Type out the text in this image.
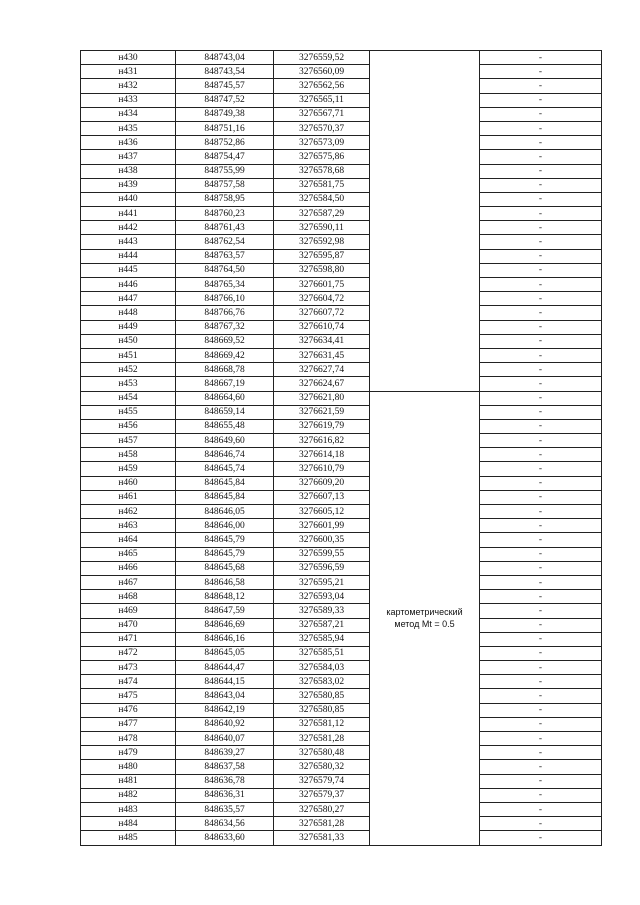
н430	848743,04	3276559,52		-
н431	848743,54	3276560,09		-
н432	848745,57	3276562,56		-
н433	848747,52	3276565,11		-
н434	848749,38	3276567,71		-
н435	848751,16	3276570,37		-
н436	848752,86	3276573,09		-
н437	848754,47	3276575,86		-
н438	848755,99	3276578,68		-
н439	848757,58	3276581,75		-
н440	848758,95	3276584,50		-
н441	848760,23	3276587,29		-
н442	848761,43	3276590,11		-
н443	848762,54	3276592,98		-
н444	848763,57	3276595,87		-
н445	848764,50	3276598,80		-
н446	848765,34	3276601,75		-
н447	848766,10	3276604,72		-
н448	848766,76	3276607,72		-
н449	848767,32	3276610,74		-
н450	848669,52	3276634,41		-
н451	848669,42	3276631,45		-
н452	848668,78	3276627,74		-
н453	848667,19	3276624,67		-
н454	848664,60	3276621,80	картометрический
метод Mt = 0.5	-
н455	848659,14	3276621,59		-
н456	848655,48	3276619,79		-
н457	848649,60	3276616,82		-
н458	848646,74	3276614,18		-
н459	848645,74	3276610,79		-
н460	848645,84	3276609,20		-
н461	848645,84	3276607,13		-
н462	848646,05	3276605,12		-
н463	848646,00	3276601,99		-
н464	848645,79	3276600,35		-
н465	848645,79	3276599,55		-
н466	848645,68	3276596,59		-
н467	848646,58	3276595,21		-
н468	848648,12	3276593,04		-
н469	848647,59	3276589,33		-
н470	848646,69	3276587,21		-
н471	848646,16	3276585,94		-
н472	848645,05	3276585,51		-
н473	848644,47	3276584,03		-
н474	848644,15	3276583,02		-
н475	848643,04	3276580,85		-
н476	848642,19	3276580,85		-
н477	848640,92	3276581,12		-
н478	848640,07	3276581,28		-
н479	848639,27	3276580,48		-
н480	848637,58	3276580,32		-
н481	848636,78	3276579,74		-
н482	848636,31	3276579,37		-
н483	848635,57	3276580,27		-
н484	848634,56	3276581,28		-
н485	848633,60	3276581,33		-
